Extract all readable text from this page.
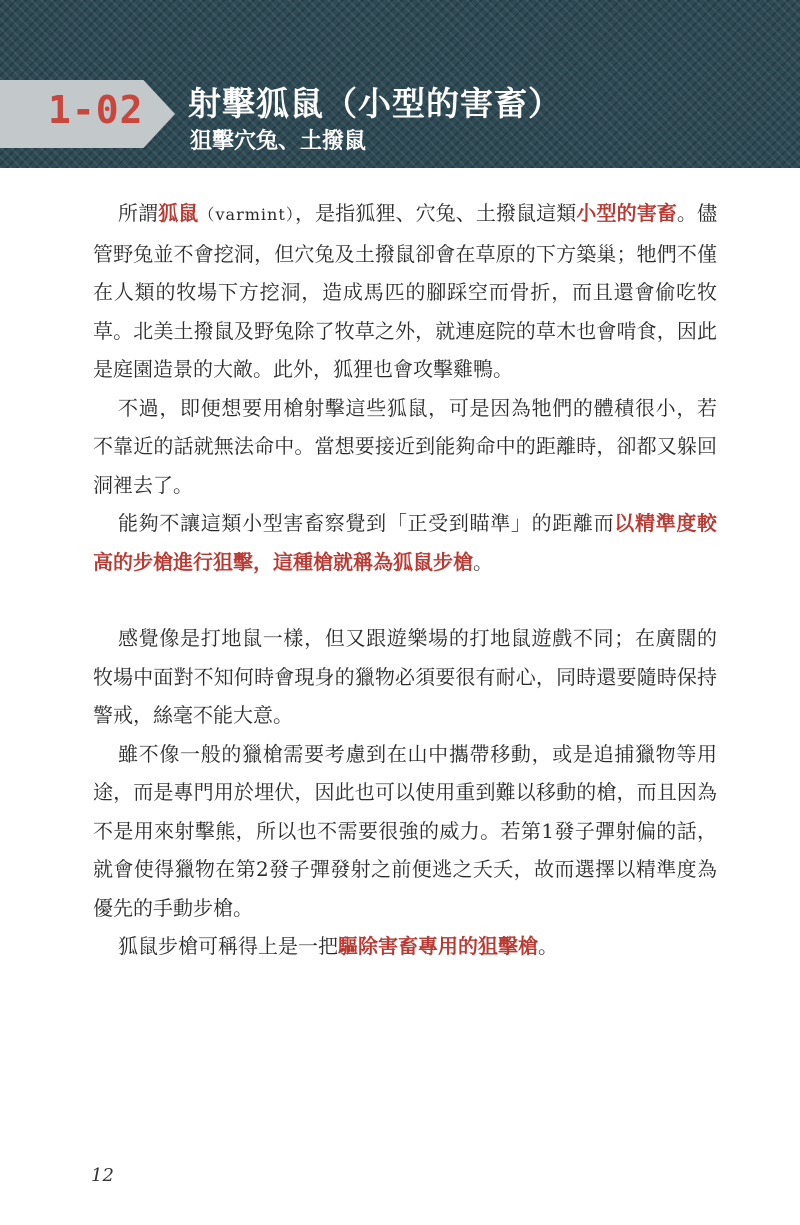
1-02 射擊狐鼠（小型的害畜）
狙擊穴兔、土撥鼠

所謂狐鼠（varmint），是指狐狸、穴兔、土撥鼠這類小型的害畜。儘管野兔並不會挖洞，但穴兔及土撥鼠卻會在草原的下方築巢；牠們不僅在人類的牧場下方挖洞，造成馬匹的腳踩空而骨折，而且還會偷吃牧草。北美土撥鼠及野兔除了牧草之外，就連庭院的草木也會啃食，因此是庭園造景的大敵。此外，狐狸也會攻擊雞鴨。

不過，即便想要用槍射擊這些狐鼠，可是因為牠們的體積很小，若不靠近的話就無法命中。當想要接近到能夠命中的距離時，卻都又躲回洞裡去了。

能夠不讓這類小型害畜察覺到「正受到瞄準」的距離而以精準度較高的步槍進行狙擊，這種槍就稱為狐鼠步槍。

感覺像是打地鼠一樣，但又跟遊樂場的打地鼠遊戲不同；在廣闊的牧場中面對不知何時會現身的獵物必須要很有耐心，同時還要隨時保持警戒，絲毫不能大意。

雖不像一般的獵槍需要考慮到在山中攜帶移動，或是追捕獵物等用途，而是專門用於埋伏，因此也可以使用重到難以移動的槍，而且因為不是用來射擊熊，所以也不需要很強的威力。若第1發子彈射偏的話，就會使得獵物在第2發子彈發射之前便逃之夭夭，故而選擇以精準度為優先的手動步槍。

狐鼠步槍可稱得上是一把驅除害畜專用的狙擊槍。

12
